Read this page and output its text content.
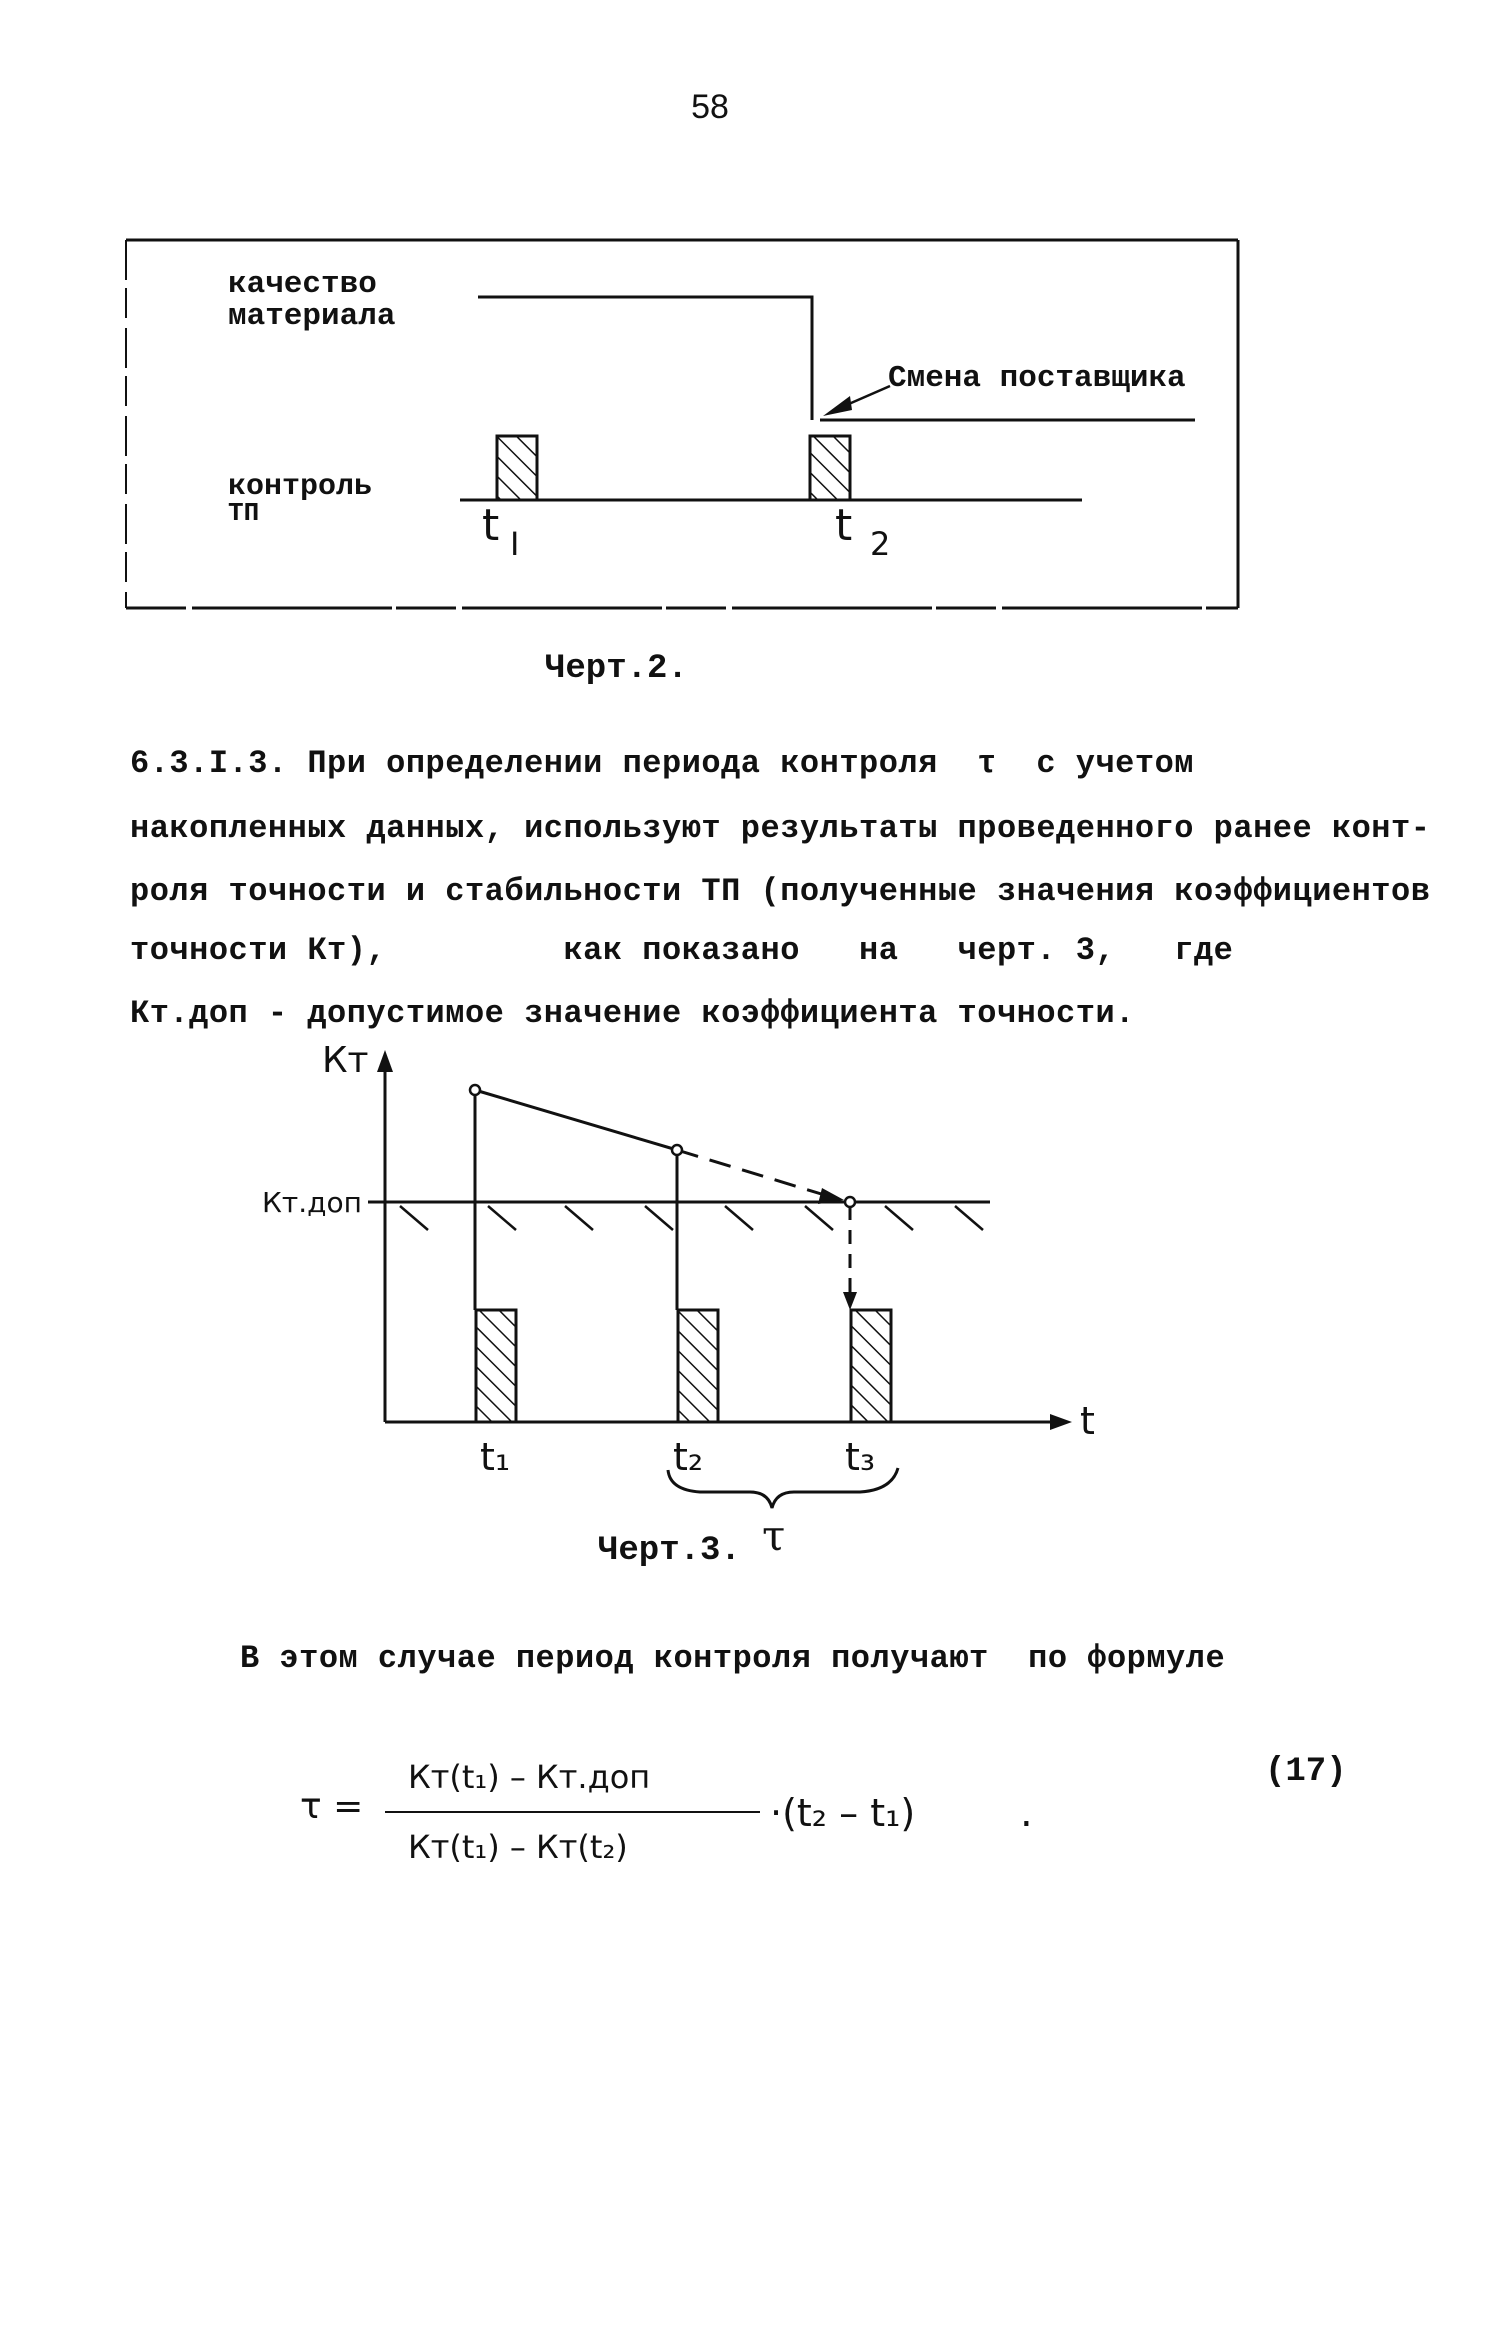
58
качество
материала
Смена поставщика
контроль
ТП	t I	t 2
Черт.2.
6.3.I.3. При определении периода контроля  τ  с учетом
накопленных данных, используют результаты проведенного ранее конт-
роля точности и стабильности ТП (полученные значения коэффициентов
точности Кт),         как показано   на   черт. 3,   где
Кт.доп - допустимое значение коэффициента точности.
Кт
Кт.доп
t
t₁	t₂	t₃
τ
Черт.3.
В этом случае период контроля получают  по формуле
τ =
Кт(t₁) – Кт.доп
Кт(t₁) – Кт(t₂)
·(t₂ – t₁)	.
(17)
